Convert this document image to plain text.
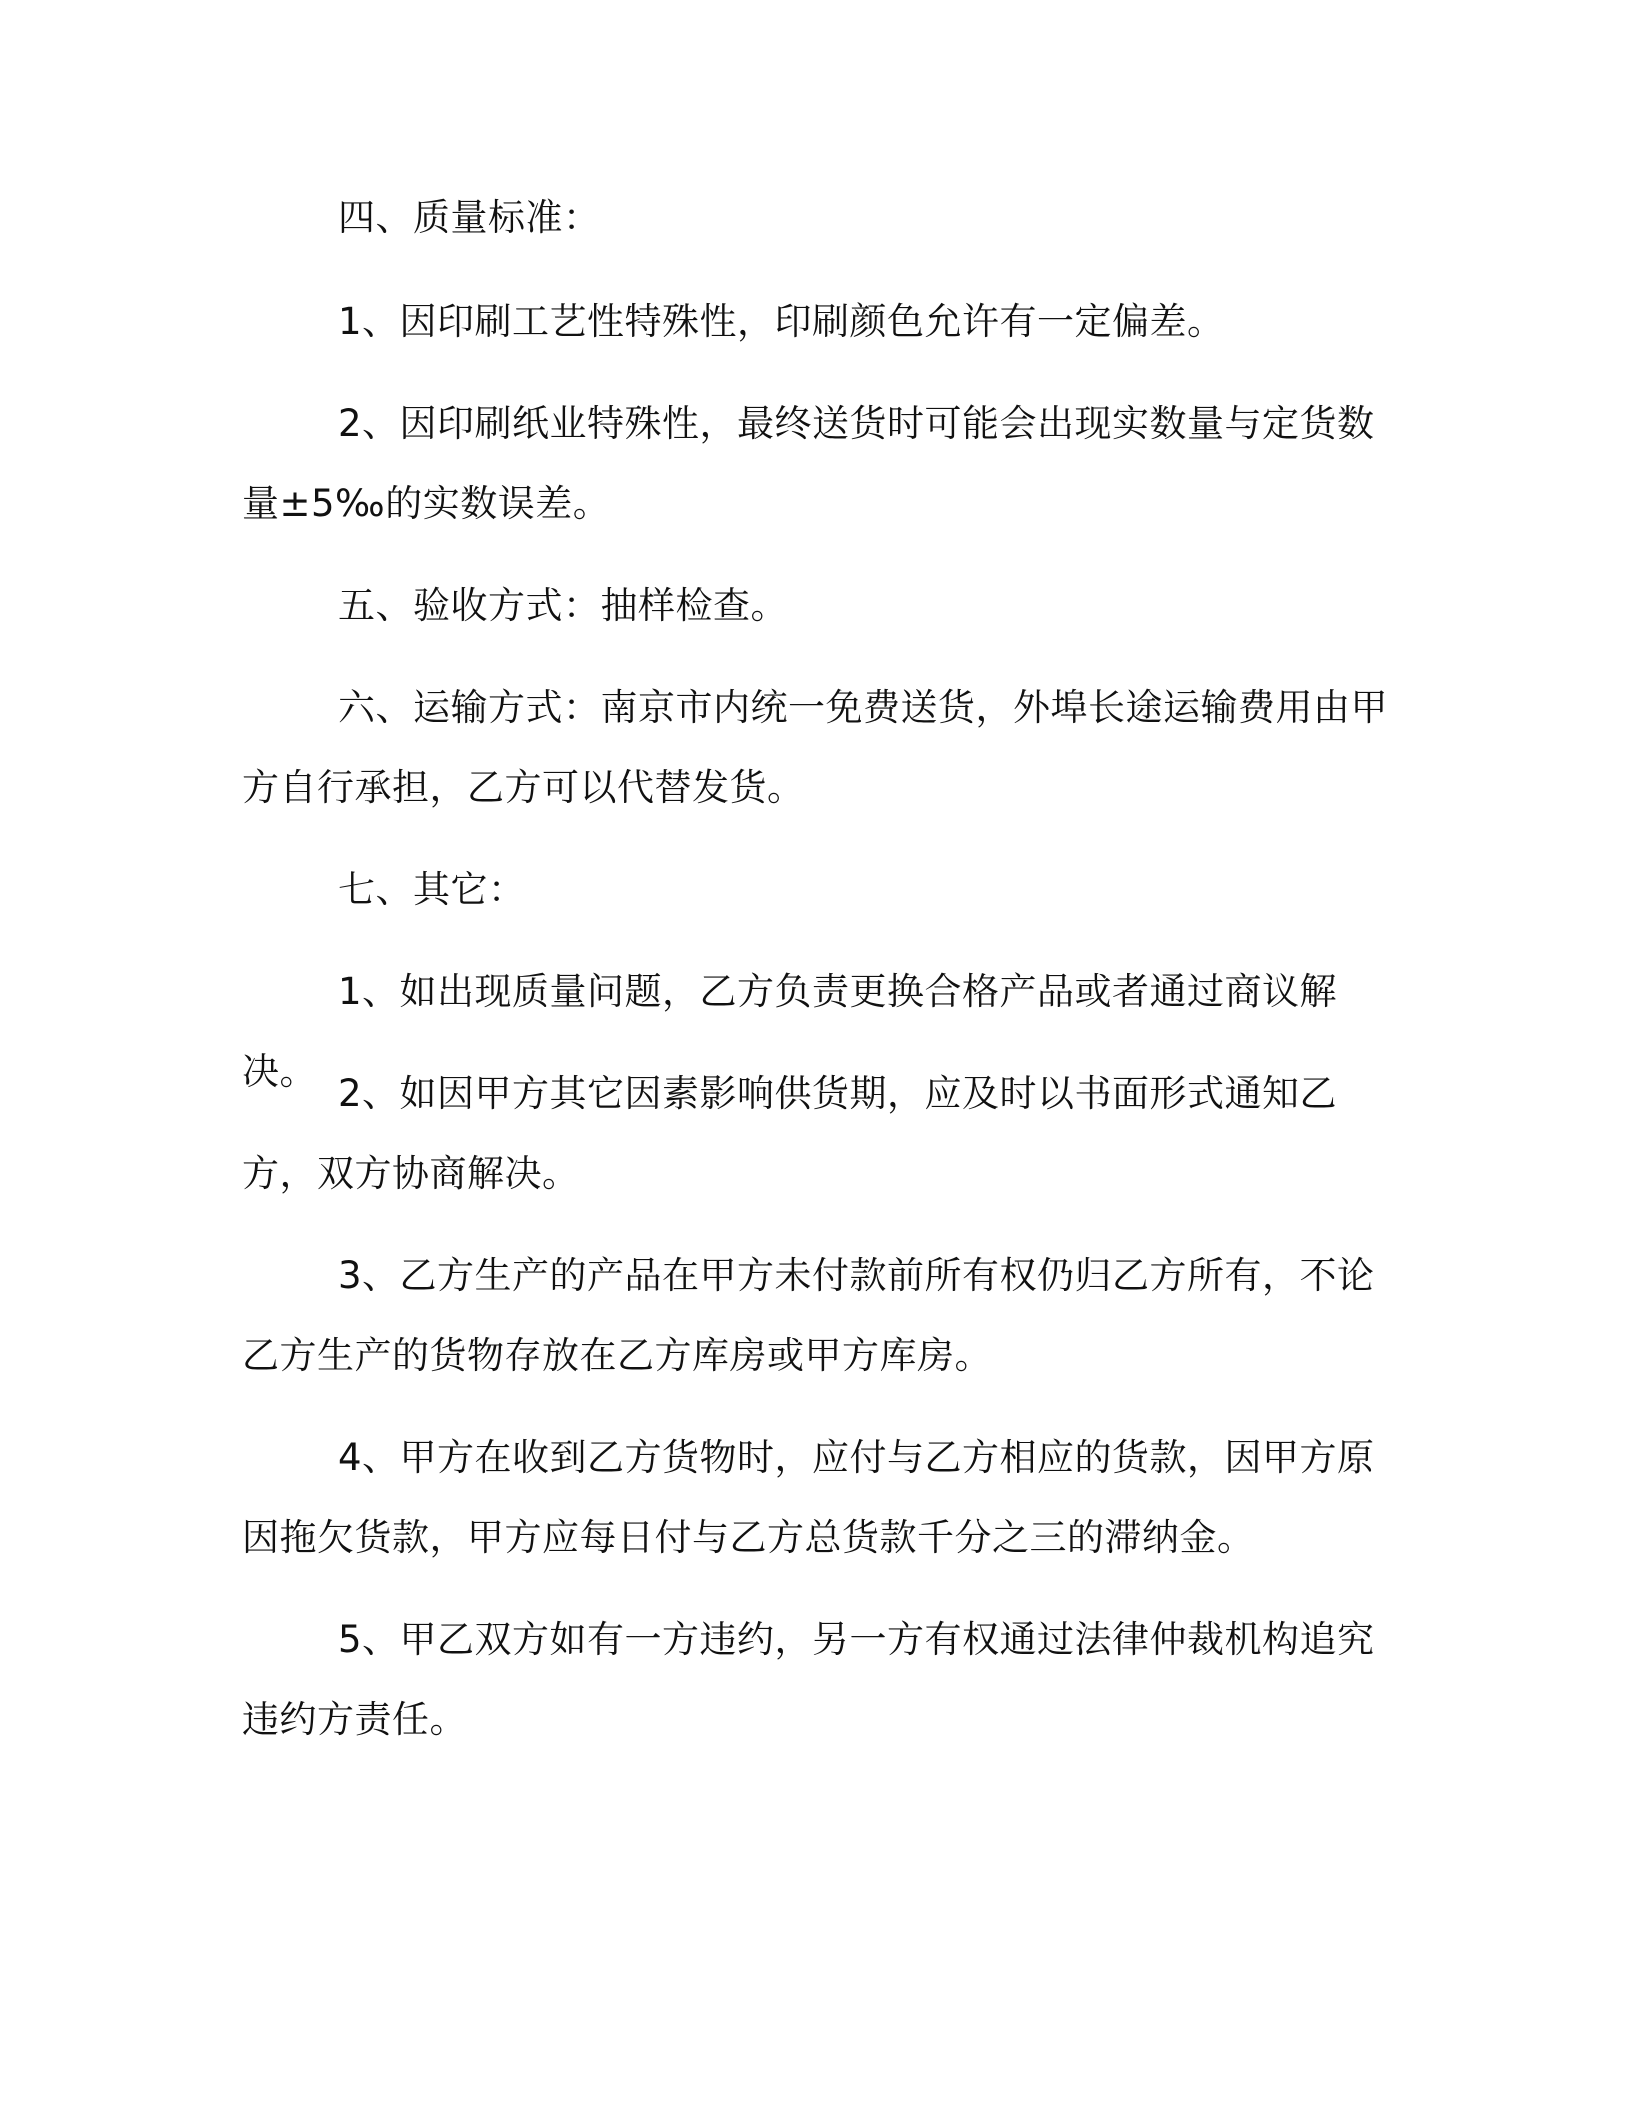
四、质量标准：

1、因印刷工艺性特殊性，印刷颜色允许有一定偏差。

2、因印刷纸业特殊性，最终送货时可能会出现实数量与定货数量±5‰的实数误差。

五、验收方式：抽样检查。

六、运输方式：南京市内统一免费送货，外埠长途运输费用由甲方自行承担，乙方可以代替发货。

七、其它：

1、如出现质量问题，乙方负责更换合格产品或者通过商议解决。

2、如因甲方其它因素影响供货期，应及时以书面形式通知乙方，双方协商解决。

3、乙方生产的产品在甲方未付款前所有权仍归乙方所有，不论乙方生产的货物存放在乙方库房或甲方库房。

4、甲方在收到乙方货物时，应付与乙方相应的货款，因甲方原因拖欠货款，甲方应每日付与乙方总货款千分之三的滞纳金。

5、甲乙双方如有一方违约，另一方有权通过法律仲裁机构追究违约方责任。
